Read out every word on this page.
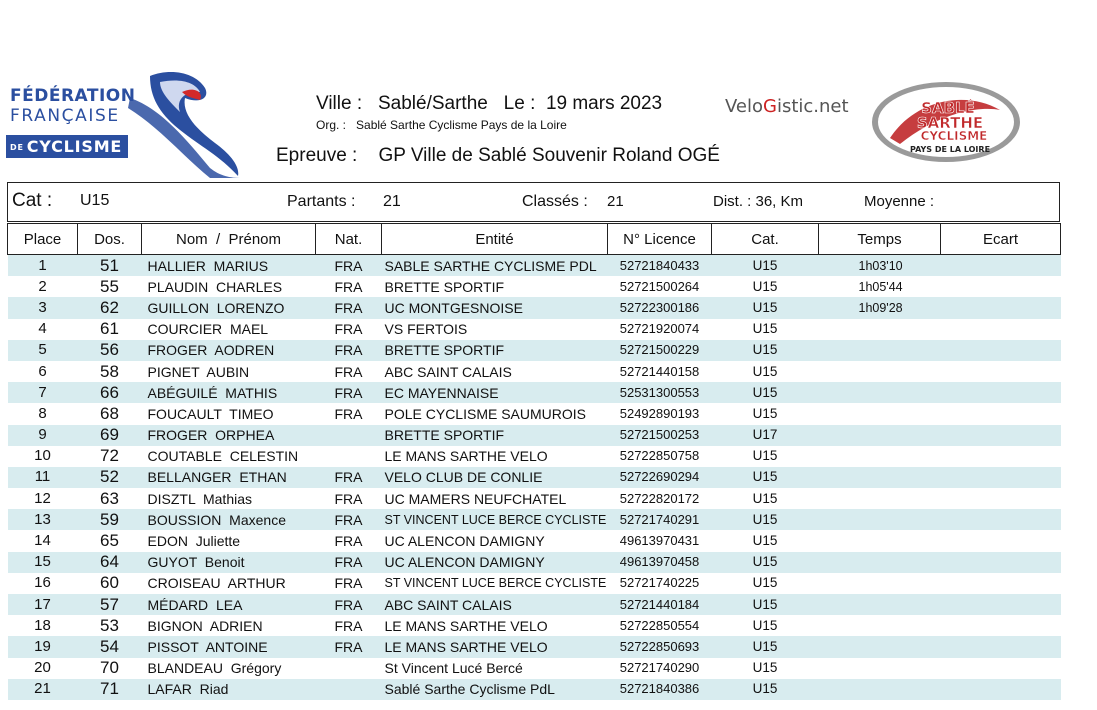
FÉDÉRATION
FRANÇAISE
DE CYCLISME
Ville : Sablé/Sarthe Le : 19 mars 2023
Org. : Sablé Sarthe Cyclisme Pays de la Loire
Epreuve : GP Ville de Sablé Souvenir Roland OGÉ
VeloGistic.net	SABLÉ
SARTHE
CYCLISME
PAYS DE LA LOIRE
Cat : U15	Partants : 21	Classés : 21	Dist. : 36, Km	Moyenne :
Place	Dos.	Nom  /  Prénom	Nat.	Entité	N° Licence	Cat.	Temps	Ecart
1	51	HALLIER  MARIUS	FRA	SABLE SARTHE CYCLISME PDL	52721840433	U15	1h03'10	
2	55	PLAUDIN  CHARLES	FRA	BRETTE SPORTIF	52721500264	U15	1h05'44	
3	62	GUILLON  LORENZO	FRA	UC MONTGESNOISE	52722300186	U15	1h09'28	
4	61	COURCIER  MAEL	FRA	VS FERTOIS	52721920074	U15		
5	56	FROGER  AODREN	FRA	BRETTE SPORTIF	52721500229	U15		
6	58	PIGNET  AUBIN	FRA	ABC SAINT CALAIS	52721440158	U15		
7	66	ABÉGUILÉ  MATHIS	FRA	EC MAYENNAISE	52531300553	U15		
8	68	FOUCAULT  TIMEO	FRA	POLE CYCLISME SAUMUROIS	52492890193	U15		
9	69	FROGER  ORPHEA		BRETTE SPORTIF	52721500253	U17		
10	72	COUTABLE  CELESTIN		LE MANS SARTHE VELO	52722850758	U15		
11	52	BELLANGER  ETHAN	FRA	VELO CLUB DE CONLIE	52722690294	U15		
12	63	DISZTL  Mathias	FRA	UC MAMERS NEUFCHATEL	52722820172	U15		
13	59	BOUSSION  Maxence	FRA	ST VINCENT LUCE BERCE CYCLISTE	52721740291	U15		
14	65	EDON  Juliette	FRA	UC ALENCON DAMIGNY	49613970431	U15		
15	64	GUYOT  Benoit	FRA	UC ALENCON DAMIGNY	49613970458	U15		
16	60	CROISEAU  ARTHUR	FRA	ST VINCENT LUCE BERCE CYCLISTE	52721740225	U15		
17	57	MÉDARD  LEA	FRA	ABC SAINT CALAIS	52721440184	U15		
18	53	BIGNON  ADRIEN	FRA	LE MANS SARTHE VELO	52722850554	U15		
19	54	PISSOT  ANTOINE	FRA	LE MANS SARTHE VELO	52722850693	U15		
20	70	BLANDEAU  Grégory		St Vincent Lucé Bercé	52721740290	U15		
21	71	LAFAR  Riad		Sablé Sarthe Cyclisme PdL	52721840386	U15		
